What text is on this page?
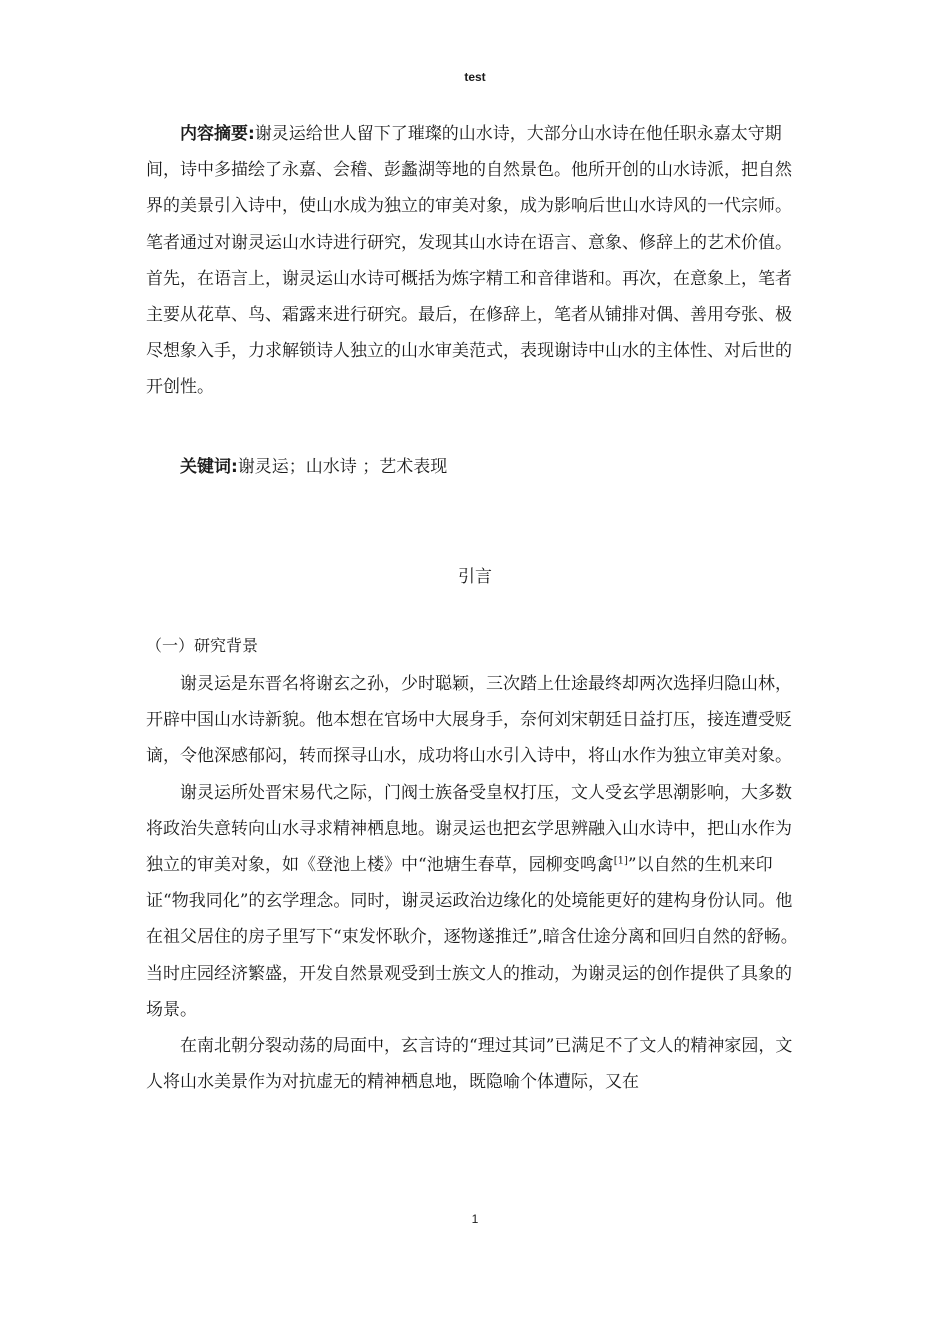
test
内容摘要:谢灵运给世人留下了璀璨的山水诗，大部分山水诗在他任职永嘉太守期间，诗中多描绘了永嘉、会稽、彭蠡湖等地的自然景色。他所开创的山水诗派，把自然界的美景引入诗中，使山水成为独立的审美对象，成为影响后世山水诗风的一代宗师。笔者通过对谢灵运山水诗进行研究，发现其山水诗在语言、意象、修辞上的艺术价值。首先，在语言上，谢灵运山水诗可概括为炼字精工和音律谐和。再次，在意象上，笔者主要从花草、鸟、霜露来进行研究。最后，在修辞上，笔者从铺排对偶、善用夸张、极尽想象入手，力求解锁诗人独立的山水审美范式，表现谢诗中山水的主体性、对后世的开创性。
关键词:谢灵运；山水诗 ；艺术表现
引言
（一）研究背景

谢灵运是东晋名将谢玄之孙，少时聪颖，三次踏上仕途最终却两次选择归隐山林，开辟中国山水诗新貌。他本想在官场中大展身手，奈何刘宋朝廷日益打压，接连遭受贬谪，令他深感郁闷，转而探寻山水，成功将山水引入诗中，将山水作为独立审美对象。

谢灵运所处晋宋易代之际，门阀士族备受皇权打压，文人受玄学思潮影响，大多数将政治失意转向山水寻求精神栖息地。谢灵运也把玄学思辨融入山水诗中，把山水作为独立的审美对象，如《登池上楼》中“池塘生春草，园柳变鸣禽[1]”以自然的生机来印证“物我同化”的玄学理念。同时，谢灵运政治边缘化的处境能更好的建构身份认同。他在祖父居住的房子里写下“束发怀耿介，逐物遂推迁”,暗含仕途分离和回归自然的舒畅。当时庄园经济繁盛，开发自然景观受到士族文人的推动，为谢灵运的创作提供了具象的场景。

在南北朝分裂动荡的局面中，玄言诗的“理过其词”已满足不了文人的精神家园，文人将山水美景作为对抗虚无的精神栖息地，既隐喻个体遭际，又在

1
